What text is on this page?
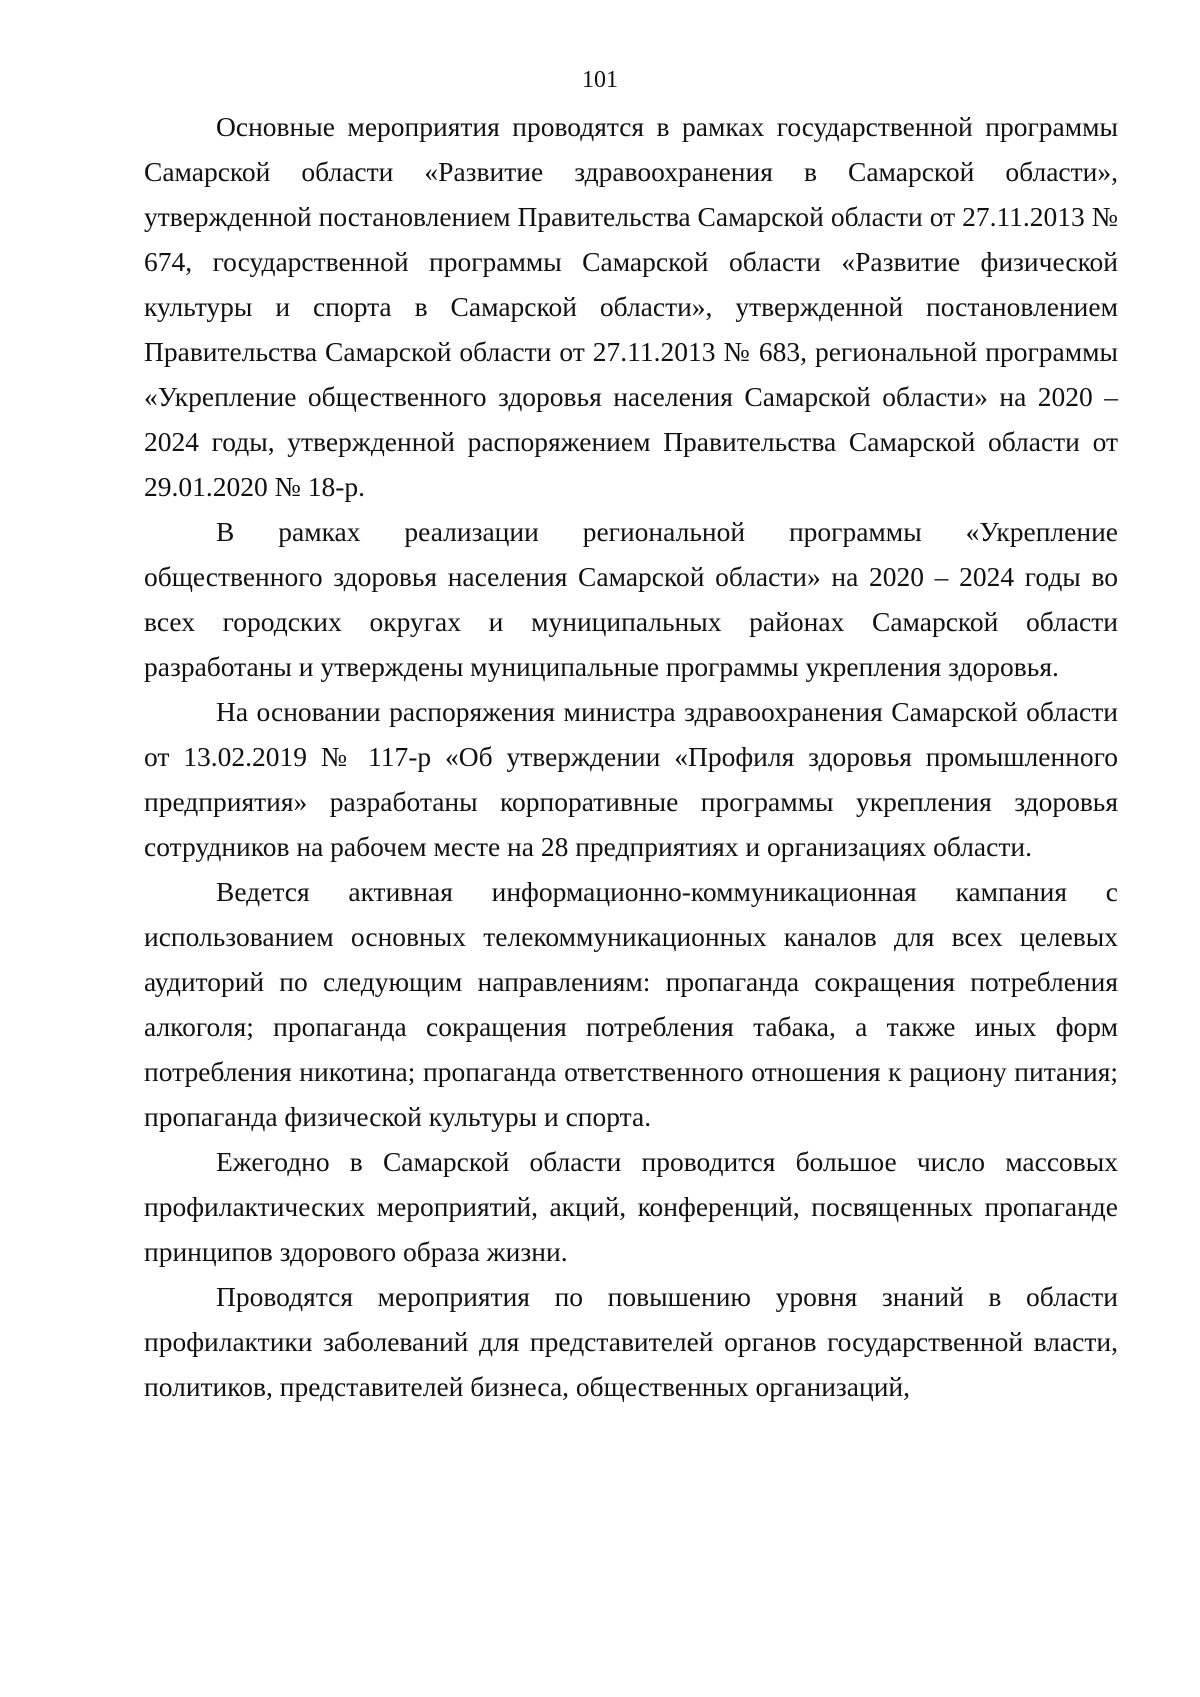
101

Основные мероприятия проводятся в рамках государственной программы Самарской области «Развитие здравоохранения в Самарской области», утвержденной постановлением Правительства Самарской области от 27.11.2013 № 674, государственной программы Самарской области «Развитие физической культуры и спорта в Самарской области», утвержденной постановлением Правительства Самарской области от 27.11.2013 № 683, региональной программы «Укрепление общественного здоровья населения Самарской области» на 2020 – 2024 годы, утвержденной распоряжением Правительства Самарской области от 29.01.2020 № 18-р.

В рамках реализации региональной программы «Укрепление общественного здоровья населения Самарской области» на 2020 – 2024 годы во всех городских округах и муниципальных районах Самарской области разработаны и утверждены муниципальные программы укрепления здоровья.

На основании распоряжения министра здравоохранения Самарской области от 13.02.2019 № 117-р «Об утверждении «Профиля здоровья промышленного предприятия» разработаны корпоративные программы укрепления здоровья сотрудников на рабочем месте на 28 предприятиях и организациях области.

Ведется активная информационно-коммуникационная кампания с использованием основных телекоммуникационных каналов для всех целевых аудиторий по следующим направлениям: пропаганда сокращения потребления алкоголя; пропаганда сокращения потребления табака, а также иных форм потребления никотина; пропаганда ответственного отношения к рациону питания; пропаганда физической культуры и спорта.

Ежегодно в Самарской области проводится большое число массовых профилактических мероприятий, акций, конференций, посвященных пропаганде принципов здорового образа жизни.

Проводятся мероприятия по повышению уровня знаний в области профилактики заболеваний для представителей органов государственной власти, политиков, представителей бизнеса, общественных организаций,
